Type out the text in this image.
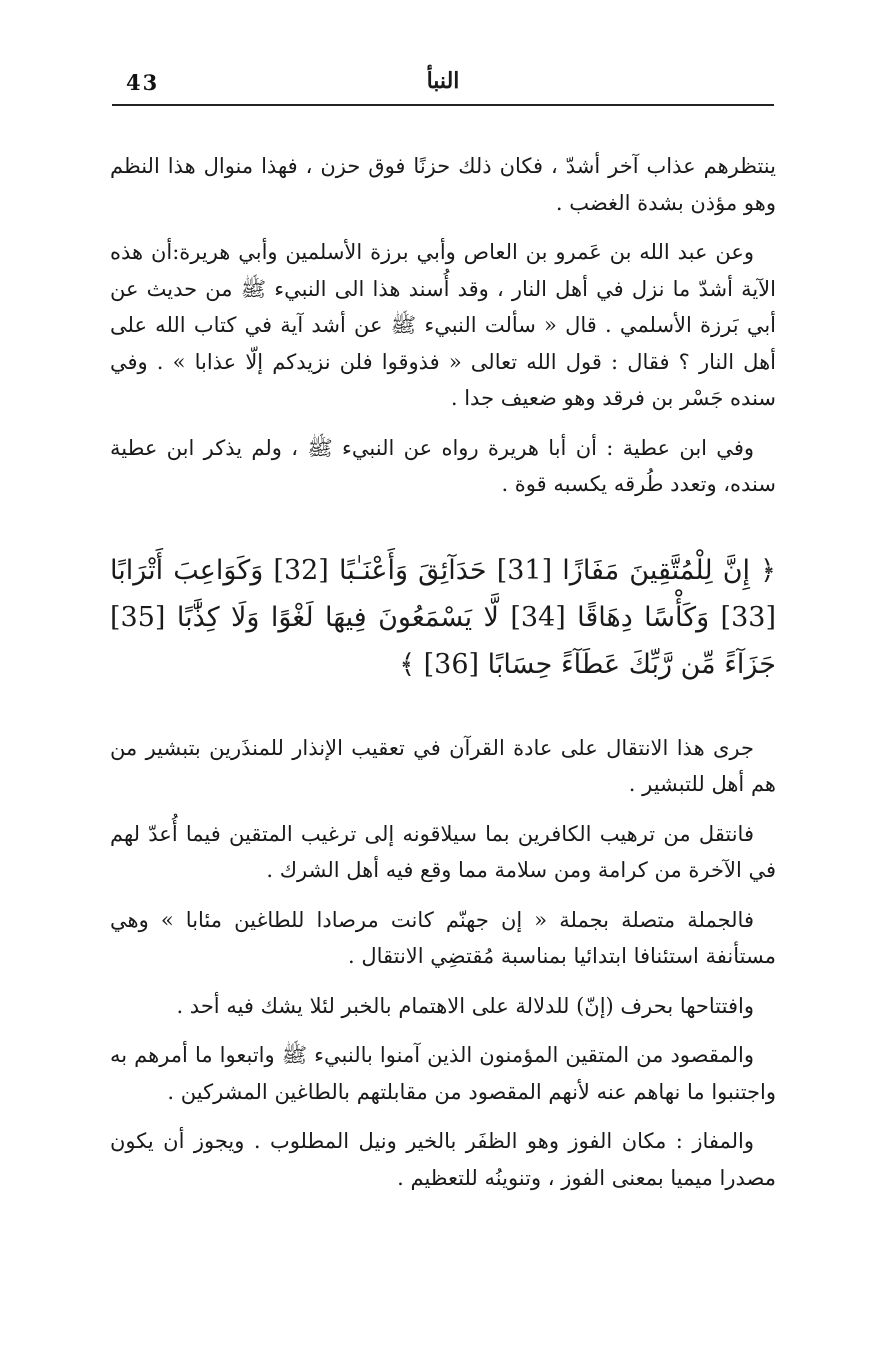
43	النبأ

ينتظرهم عذاب آخر أشدّ ، فكان ذلك حزنًا فوق حزن ، فهذا منوال هذا النظم وهو مؤذن بشدة الغضب .

وعن عبد الله بن عَمرو بن العاص وأبي برزة الأسلمين وأبي هريرة:أن هذه الآية أشدّ ما نزل في أهل النار ، وقد أُسند هذا الى النبيء ﷺ من حديث عن أبي بَرزة الأسلمي . قال « سألت النبيء ﷺ عن أشد آية في كتاب الله على أهل النار ؟ فقال : قول الله تعالى « فذوقوا فلن نزيدكم إلّا عذابا » . وفي سنده جَسْر بن فرقد وهو ضعيف جدا .

وفي ابن عطية : أن أبا هريرة رواه عن النبيء ﷺ ، ولم يذكر ابن عطية سنده، وتعدد طُرقه يكسبه قوة .

﴿ إِنَّ لِلْمُتَّقِينَ مَفَازًا [31] حَدَآئِقَ وَأَعْنَـٰبًا [32] وَكَوَاعِبَ أَتْرَابًا
[33] وَكَأْسًا دِهَاقًا [34] لَّا يَسْمَعُونَ فِيهَا لَغْوًا وَلَا كِذَّٰبًا [35]
جَزَآءً مِّن رَّبِّكَ عَطَآءً حِسَابًا [36] ﴾

جرى هذا الانتقال على عادة القرآن في تعقيب الإنذار للمنذَرين بتبشير من هم أهل للتبشير .

فانتقل من ترهيب الكافرين بما سيلاقونه إلى ترغيب المتقين فيما أُعدّ لهم في الآخرة من كرامة ومن سلامة مما وقع فيه أهل الشرك .

فالجملة متصلة بجملة « إن جهنّم كانت مرصادا للطاغين مئابا » وهي مستأنفة استئنافا ابتدائيا بمناسبة مُقتضِي الانتقال .

وافتتاحها بحرف (إنّ) للدلالة على الاهتمام بالخبر لئلا يشك فيه أحد .

والمقصود من المتقين المؤمنون الذين آمنوا بالنبيء ﷺ واتبعوا ما أمرهم به واجتنبوا ما نهاهم عنه لأنهم المقصود من مقابلتهم بالطاغين المشركين .

والمفاز : مكان الفوز وهو الظفَر بالخير ونيل المطلوب . ويجوز أن يكون مصدرا ميميا بمعنى الفوز ، وتنوينُه للتعظيم .
